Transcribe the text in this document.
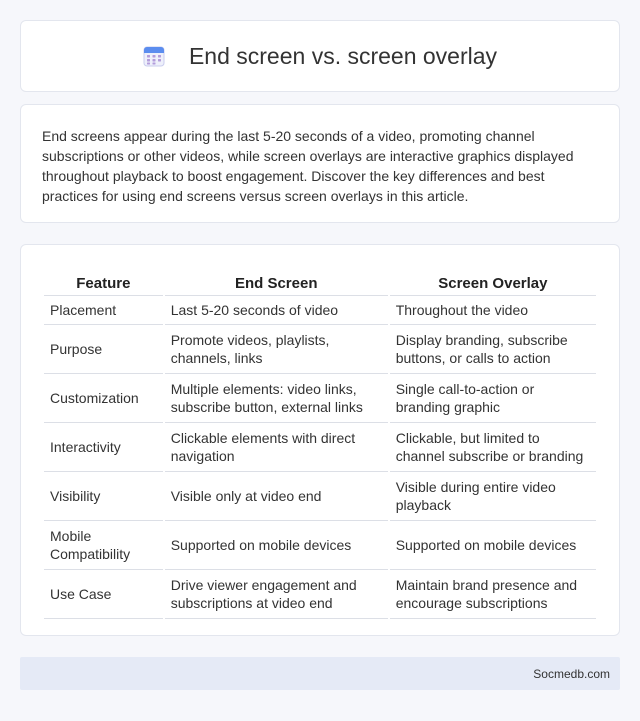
End screen vs. screen overlay

End screens appear during the last 5-20 seconds of a video, promoting channel subscriptions or other videos, while screen overlays are interactive graphics displayed throughout playback to boost engagement. Discover the key differences and best practices for using end screens versus screen overlays in this article.

Feature	End Screen	Screen Overlay
Placement	Last 5-20 seconds of video	Throughout the video
Purpose	Promote videos, playlists, channels, links	Display branding, subscribe buttons, or calls to action
Customization	Multiple elements: video links, subscribe button, external links	Single call-to-action or branding graphic
Interactivity	Clickable elements with direct navigation	Clickable, but limited to channel subscribe or branding
Visibility	Visible only at video end	Visible during entire video playback
Mobile Compatibility	Supported on mobile devices	Supported on mobile devices
Use Case	Drive viewer engagement and subscriptions at video end	Maintain brand presence and encourage subscriptions
Socmedb.com
